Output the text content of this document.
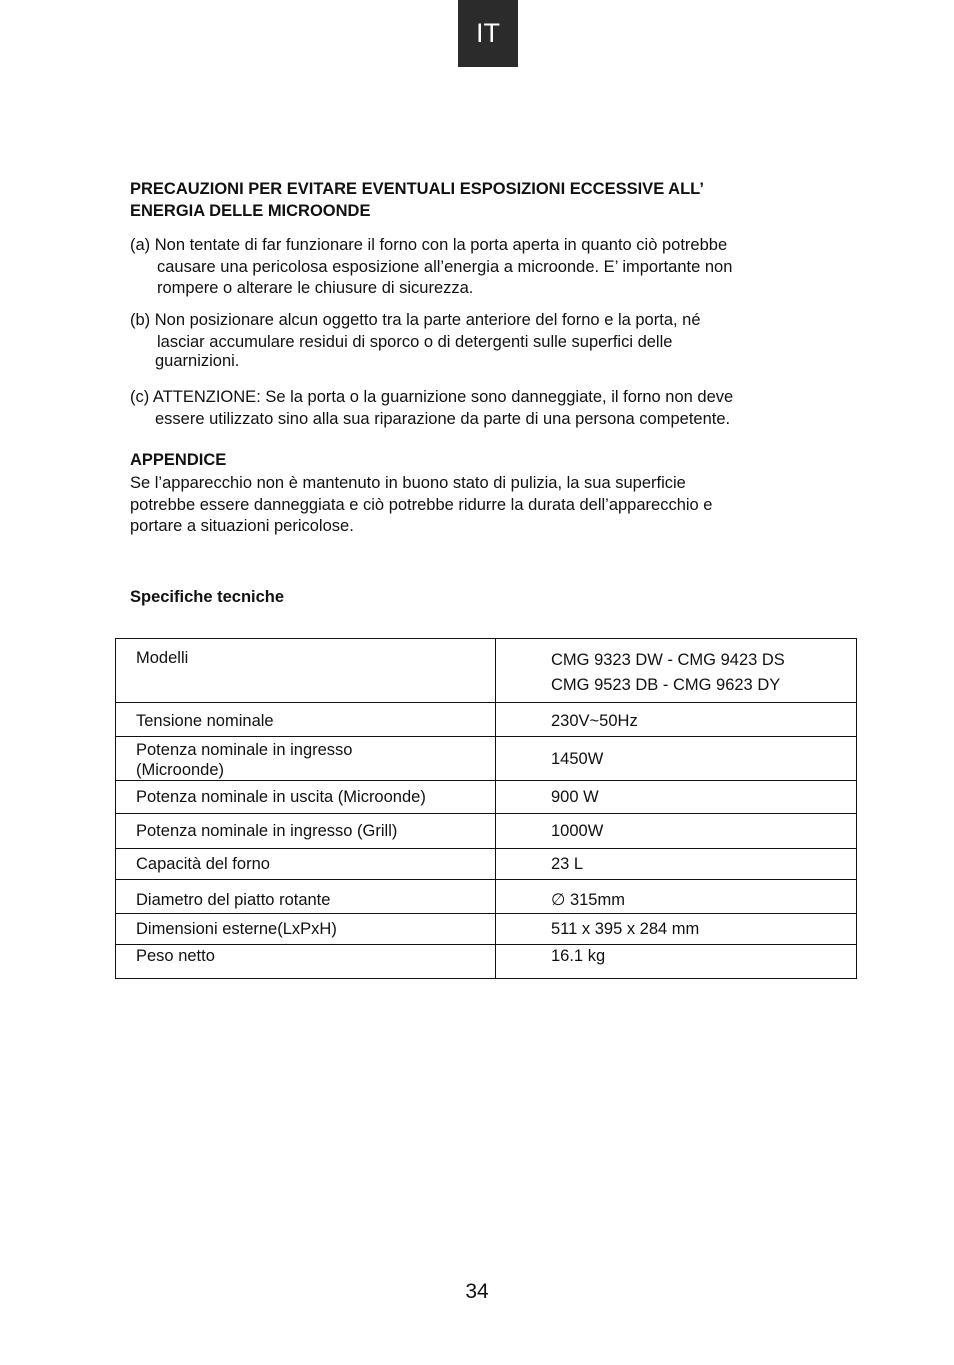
IT
PRECAUZIONI PER EVITARE EVENTUALI ESPOSIZIONI ECCESSIVE ALL’
ENERGIA DELLE MICROONDE
(a) Non tentate di far funzionare il forno con la porta aperta in quanto ciò potrebbe
causare una pericolosa esposizione all’energia a microonde. E’ importante non
rompere o alterare le chiusure di sicurezza.
(b) Non posizionare alcun oggetto tra la parte anteriore del forno e la porta, né
lasciar accumulare residui di sporco o di detergenti sulle superfici delle
guarnizioni.
(c) ATTENZIONE: Se la porta o la guarnizione sono danneggiate, il forno non deve
essere utilizzato sino alla sua riparazione da parte di una persona competente.
APPENDICE
Se l’apparecchio non è mantenuto in buono stato di pulizia, la sua superficie
potrebbe essere danneggiata e ciò potrebbe ridurre la durata dell’apparecchio e
portare a situazioni pericolose.
Specifiche tecniche
Modelli	CMG 9323 DW - CMG 9423 DS
CMG 9523 DB - CMG 9623 DY

Tensione nominale	230V~50Hz

Potenza nominale in ingresso
(Microonde)	1450W

Potenza nominale in uscita (Microonde)	900 W

Potenza nominale in ingresso (Grill)	1000W

Capacità del forno	23 L

Diametro del piatto rotante	∅ 315mm

Dimensioni esterne(LxPxH)	511 x 395 x 284 mm

Peso netto	16.1 kg
34
